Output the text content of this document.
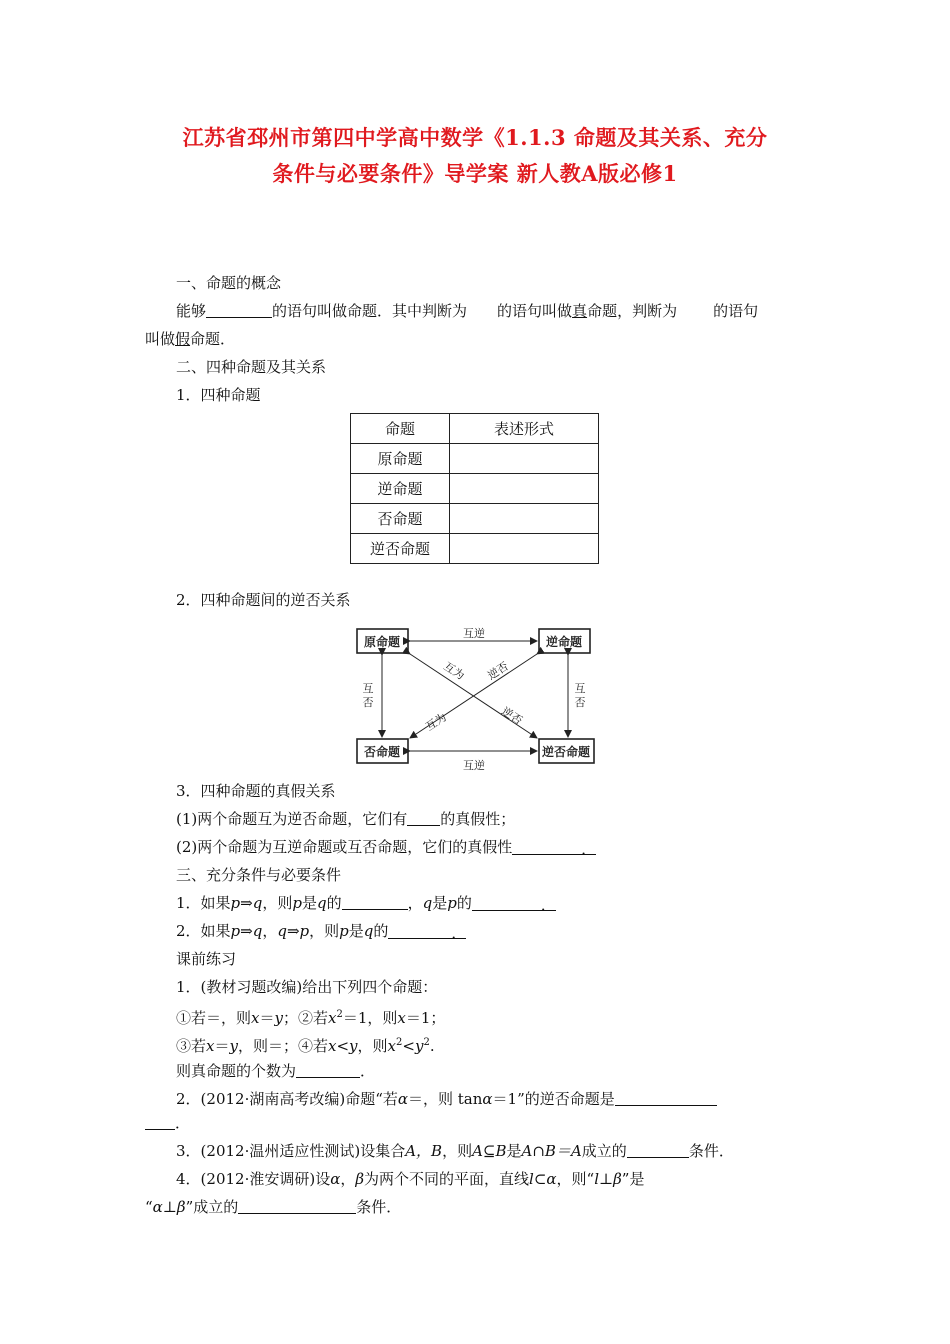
江苏省邳州市第四中学高中数学《1.1.3 命题及其关系、充分
条件与必要条件》导学案 新人教A版必修1
一、命题的概念
能够	的语句叫做命题．其中判断为 的语句叫做真命题，判断为 的语句
叫做假命题．
二、四种命题及其关系
1．四种命题
命题	表述形式
原命题	
逆命题	
否命题	
逆否命题	
2．四种命题间的逆否关系
原命题	逆命题
否命题	逆否命题
互逆
互逆
互
否
互
否
互为 逆否
互为	逆否
3．四种命题的真假关系
(1)两个命题互为逆否命题，它们有 的真假性；
(2)两个命题为互逆命题或互否命题，它们的真假性	．
三、充分条件与必要条件
1．如果p⇒q，则p是q的	，q是p的	．
2．如果p⇒q，q⇒p，则p是q的	．
课前练习
1．(教材习题改编)给出下列四个命题：
①若＝，则x＝y；②若$x^2=1$，则x＝1；
③若x＝y，则＝；④若x<y，则$x^2<y^2$.
则真命题的个数为	．
2．(2012·湖南高考改编)命题“若α＝，则 tanα＝1”的逆否命题是
．
3．(2012·温州适应性测试)设集合A，B，则A⊆B是A∩B＝A成立的	条件．
4．(2012·淮安调研)设α，β为两个不同的平面，直线l⊂α，则“l⊥β”是
“α⊥β”成立的	条件．
